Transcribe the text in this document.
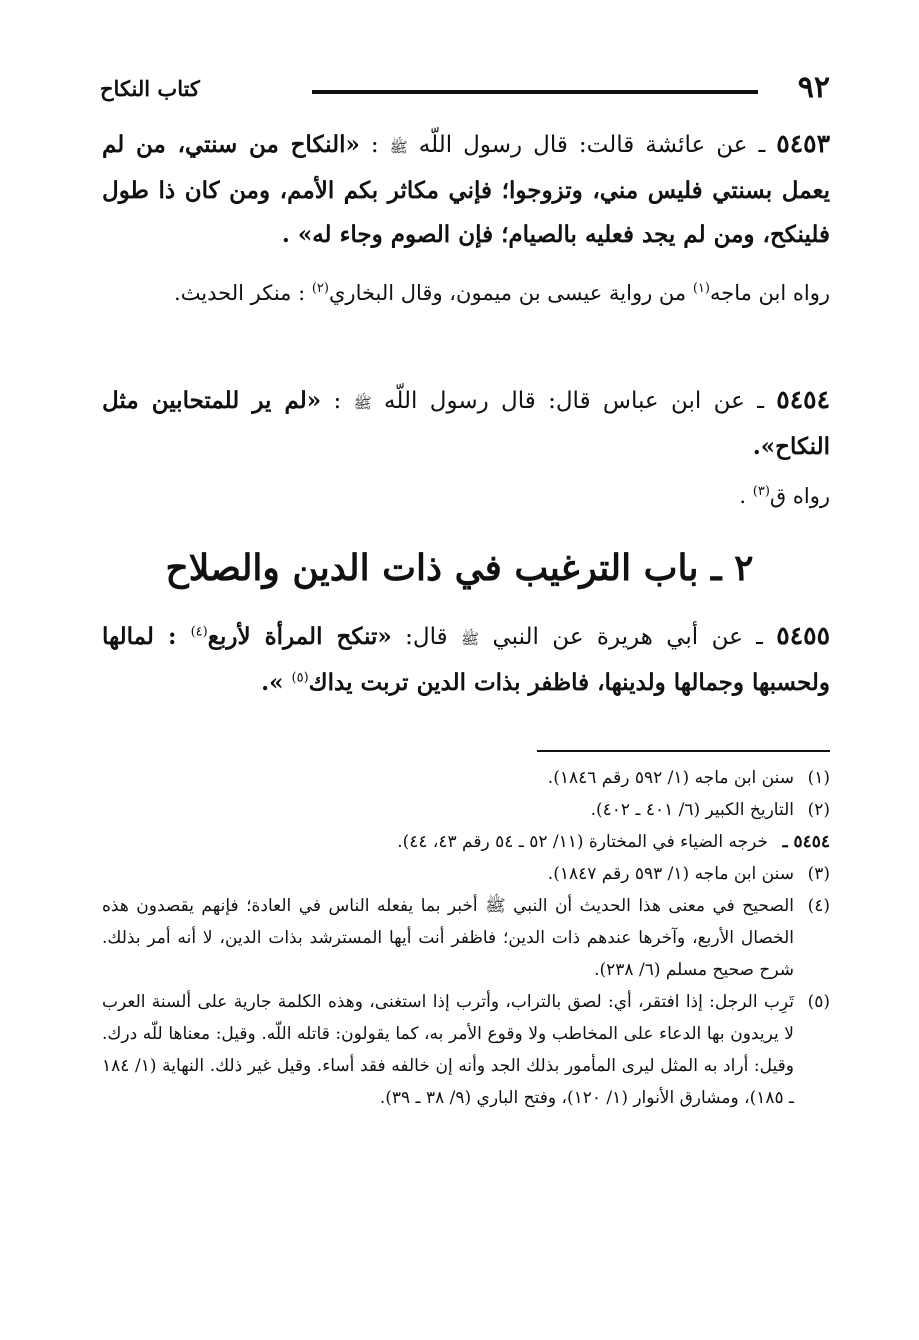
٩٢
كتاب النكاح
٥٤٥٣ ـ عن عائشة قالت: قال رسول اللّه ﷺ : «النكاح من سنتي، من لم يعمل بسنتي فليس مني، وتزوجوا؛ فإني مكاثر بكم الأمم، ومن كان ذا طول فلينكح، ومن لم يجد فعليه بالصيام؛ فإن الصوم وجاء له» .
رواه ابن ماجه$^{(١)}$ من رواية عيسى بن ميمون، وقال البخاري$^{(٢)}$ : منكر الحديث.
٥٤٥٤ ـ عن ابن عباس قال: قال رسول اللّه ﷺ : «لم ير للمتحابين مثل النكاح».
رواه ق$^{(٣)}$ .
٢ ـ باب الترغيب في ذات الدين والصلاح
٥٤٥٥ ـ عن أبي هريرة عن النبي ﷺ قال: «تنكح المرأة لأربع$^{(٤)}$ : لمالها ولحسبها وجمالها ولدينها، فاظفر بذات الدين تربت يداك$^{(٥)}$ ».
(١)
سنن ابن ماجه (١/ ٥٩٢ رقم ١٨٤٦).
(٢)
التاريخ الكبير (٦/ ٤٠١ ـ ٤٠٢).
٥٤٥٤ ـ
خرجه الضياء في المختارة (١١/ ٥٢ ـ ٥٤ رقم ٤٣، ٤٤).
(٣)
سنن ابن ماجه (١/ ٥٩٣ رقم ١٨٤٧).
(٤)
الصحيح في معنى هذا الحديث أن النبي ﷺ أخبر بما يفعله الناس في العادة؛ فإنهم يقصدون هذه الخصال الأربع، وآخرها عندهم ذات الدين؛ فاظفر أنت أيها المسترشد بذات الدين، لا أنه أمر بذلك. شرح صحيح مسلم (٦/ ٢٣٨).
(٥)
تَرِب الرجل: إذا افتقر، أي: لصق بالتراب، وأترب إذا استغنى، وهذه الكلمة جارية على ألسنة العرب لا يريدون بها الدعاء على المخاطب ولا وقوع الأمر به، كما يقولون: قاتله اللّه. وقيل: معناها للّه درك. وقيل: أراد به المثل ليرى المأمور بذلك الجد وأنه إن خالفه فقد أساء. وقيل غير ذلك. النهاية (١/ ١٨٤ ـ ١٨٥)، ومشارق الأنوار (١/ ١٢٠)، وفتح الباري (٩/ ٣٨ ـ ٣٩).
